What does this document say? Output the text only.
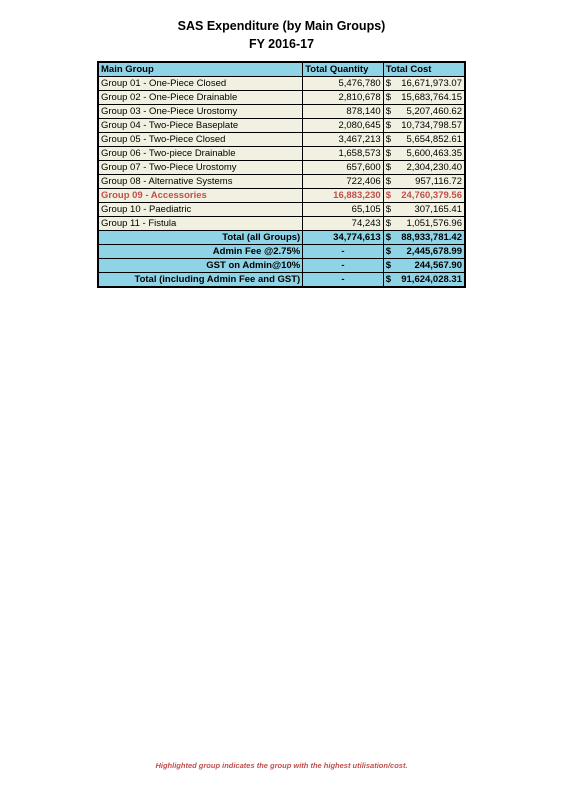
SAS Expenditure (by Main Groups)
FY 2016-17
Main Group	Total Quantity	Total Cost	
Group 01 - One-Piece Closed	5,476,780	$	16,671,973.07
Group 02 - One-Piece Drainable	2,810,678	$	15,683,764.15
Group 03 - One-Piece Urostomy	878,140	$	5,207,460.62
Group 04 - Two-Piece Baseplate	2,080,645	$	10,734,798.57
Group 05 - Two-Piece Closed	3,467,213	$	5,654,852.61
Group 06 - Two-piece Drainable	1,658,573	$	5,600,463.35
Group 07 - Two-Piece Urostomy	657,600	$	2,304,230.40
Group 08 - Alternative Systems	722,406	$	957,116.72
Group 09 - Accessories	16,883,230	$	24,760,379.56
Group 10 - Paediatric	65,105	$	307,165.41
Group 11 - Fistula	74,243	$	1,051,576.96
Total (all Groups)	34,774,613	$	88,933,781.42
Admin Fee @2.75%	-	$	2,445,678.99
GST on Admin@10%	-	$	244,567.90
Total (including Admin Fee and GST)	-	$	91,624,028.31
Highlighted group indicates the group with the highest utilisation/cost.
